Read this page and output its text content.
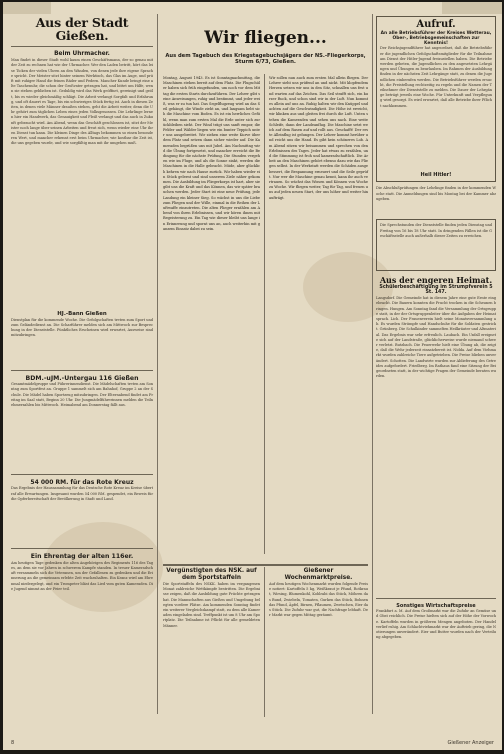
Aus der Stadt Gießen.
Beim Uhrmacher.
Man findet in dieser Stadt wohl kaum einen Geschäftsmann, der so genau mit der Zeit zu rechnen hat wie der Uhrmacher. Wer den Laden betritt, hört das leise Ticken der vielen Uhren an den Wänden, von denen jede ihre eigene Sprache spricht. Der Meister sitzt hinter seinem Werktisch, das Glas im Auge, und prüft mit ruhiger Hand die feinen Räder und Federn. Mancher Kunde bringt eine alte Taschenuhr, die schon der Großvater getragen hat, und bittet um Hilfe, wenn sie stehen geblieben ist. Geduldig wird das Werk geöffnet, gereinigt und geölt, bis es wieder gleichmäßig schlägt. Die Arbeit verlangt Sorgfalt und Erfahrung, und oft dauert es Tage, bis ein schwieriges Stück fertig ist. Auch in diesen Zeiten, in denen viele Männer draußen stehen, geht die Arbeit weiter, denn die Uhr gehört zum täglichen Leben eines jeden Volksgenossen. Die Lehrlinge lernen hier ein Handwerk, das Genauigkeit und Fleiß verlangt und das auch in Zukunft gebraucht wird. Am Abend, wenn das Geschäft geschlossen ist, sitzt der Meister noch lange über seinen Arbeiten und freut sich, wenn wieder eine Uhr ihren Dienst tun kann. Die kleinen Dinge des Alltags bekommen so einen besonderen Wert, und mancher erkennt erst beim Uhrmacher, wie kostbar die Zeit ist, die uns gegeben wurde, und wie sorgfältig man mit ihr umgehen muß.
HJ.-Bann Gießen
Dienstplan für die kommende Woche. Die Gefolgschaften treten zum Sport und zum Geländedienst an. Die Scharführer melden sich am Mittwoch zur Besprechung in der Dienststelle. Pünktliches Erscheinen wird erwartet, Ausweise sind mitzubringen.
BDM.-uJM.-Untergau 116 Gießen
Gesamtmädelgruppe und Führerinnendienst. Die Mädelschaften treten am Sonntag zum Sportfest an. Gruppe 1 sammelt sich am Bahnhof, Gruppe 2 an der Schule. Die Mädel haben Sportzeug mitzubringen. Der Elternabend findet am Freitag im Saal statt, Beginn 20 Uhr. Die Jungmädelführerinnen melden die Teilnehmerzahlen bis Mittwoch. Heimabend am Donnerstag fällt aus.
54 000 RM. für das Rote Kreuz
Das Ergebnis der Haussammlung für das Deutsche Rote Kreuz im Kreise übertraf alle Erwartungen. Insgesamt wurden 54 000 RM. gespendet, ein Beweis für die Opferbereitschaft der Bevölkerung in Stadt und Land.
Ein Ehrentag der alten 116er.
Am heutigen Tage gedenken die alten Angehörigen des Regiments 116 des Tages, an dem sie vor Jahren in schwerem Kampfe standen. In treuer Kameradschaft versammeln sich die Veteranen, um der Gefallenen zu gedenken und die Erinnerung an die gemeinsam erlebte Zeit wachzuhalten. Ein Kranz wird am Ehrenmal niedergelegt, und ein Trompeter bläst das Lied vom guten Kameraden. Die Jugend nimmt an der Feier teil.
Wir fliegen...
Aus dem Tagebuch des Kriegstagebuchsjägers der NS.-Fliegerkorps,
Sturm 6/73, Gießen.
Montag, August 1943. Es ist Sonntagnachmittag, die Maschinen stehen bereit auf dem Platz. Die Flugschüler haben sich früh eingefunden, um noch vor dem Mittag die ersten Starts durchzuführen. Der Lehrer gibt seine Anweisungen, ruhig und bestimmt, und jeder weiß, was er zu tun hat. Das Segelflugzeug wird an das Seil gehängt, die Winde zieht an, und langsam hebt sich die Maschine vom Boden. Es ist ein herrliches Gefühl, wenn man zum ersten Mal die Erde unter sich zurückbleiben sieht. Der Wind trägt uns sanft empor, die Felder und Wälder liegen wie ein bunter Teppich unter uns ausgebreitet. Wir ziehen eine weite Kurve über dem Platz und setzen dann sicher wieder auf. Die Kameraden begrüßen uns mit Jubel. Am Nachmittag wird die Übung fortgesetzt, und mancher erreicht die Bedingung für die nächste Prüfung. Die Stunden vergehen wie im Fluge, und als die Sonne sinkt, werden die Maschinen in die Halle gebracht. Müde, aber glücklich kehren wir nach Hause zurück. Wir haben wieder ein Stück gelernt und sind unserem Ziele näher gekommen. Die Ausbildung im Fliegerkorps ist hart, aber sie gibt uns die Kraft und das Können, das wir später brauchen werden. Jeder Start ist eine neue Prüfung, jede Landung ein kleiner Sieg. So wächst in uns die Liebe zum Fliegen und der Wille, einmal in die Reihen der Luftwaffe einzutreten. Die alten Flieger erzählen am Abend von ihren Erlebnissen, und wir hören ihnen mit Begeisterung zu. Ein Tag wie dieser bleibt uns lange in Erinnerung und spornt uns an, auch weiterhin mit ganzem Einsatz dabei zu sein.
Wir sollen nun auch zum ersten Mal allein fliegen. Der Lehrer sieht uns prüfend an und nickt. Mit klopfendem Herzen setzen wir uns in den Sitz, schnallen uns fest und warten auf das Zeichen. Das Seil strafft sich, ein kurzer Ruck, und schon sind wir in der Luft. Nun kommt es allein auf uns an. Ruhig halten wir den Knüppel und achten auf die Geschwindigkeit. Die Höhe ist erreicht, wir klinken aus und gleiten frei durch die Luft. Unten stehen die Kameraden und sehen uns nach. Eine weite Schleife, dann der Landeanflug. Die Maschine setzt weich auf dem Rasen auf und rollt aus. Geschafft! Der erste Alleinflug ist gelungen. Der Lehrer kommt herüber und reicht uns die Hand. Es gibt kein schöneres Lob. Am Abend sitzen wir beisammen und sprechen von den Erlebnissen des Tages. Jeder hat etwas zu erzählen, und die Stimmung ist froh und kameradschaftlich. Die Arbeit an den Maschinen gehört ebenso dazu wie das Fliegen selbst. In der Werkstatt werden die Schäden ausgebessert, die Bespannung erneuert und die Seile geprüft. Nur wer die Maschine genau kennt, kann ihr auch vertrauen. So wächst das Wissen und Können von Woche zu Woche. Wir fliegen weiter, Tag für Tag, und freuen uns auf jeden neuen Start, der uns höher und weiter hinaufträgt.
Vergünstigten des NSK. auf dem Sportstaffeln
Die Sportstaffeln des NSKK. haben im vergangenen Monat zahlreiche Wettkämpfe bestritten. Die Ergebnisse zeigen, daß die Ausbildung gute Früchte getragen hat. Die Mannschaften aus Gießen und Umgebung belegten vordere Plätze. Am kommenden Sonntag findet ein weiterer Vergleichskampf statt, zu dem alle Kameraden eingeladen sind. Treffpunkt ist um 8 Uhr am Sportplatz. Die Teilnahme ist Pflicht für alle gemeldeten Männer.
Gießener Wochenmarktpreise.
Auf dem heutigen Wochenmarkt wurden folgende Preise notiert: Kartoffeln 5 kg, Weißkraut je Pfund, Rotkraut, Wirsing, Blumenkohl, Kohlrabi das Stück, Möhren das Bund, Zwiebeln, Tomaten, Gurken das Stück, Bohnen das Pfund, Äpfel, Birnen, Pflaumen, Zwetschen, Eier das Stück. Die Zufuhr war gut, die Nachfrage lebhaft. Der Markt war gegen Mittag geräumt.
Aufruf.
An alle Betriebsführer der Kreises Wetterau, Ober-, Betriebsgemeinschaften zur Kenntnis!
Der Reichsjugendführer hat angeordnet, daß die Betriebsführer die jugendlichen Gefolgschaftsmitglieder für die Teilnahme am Dienst der Hitler-Jugend freizustellen haben. Die Betriebe werden gebeten, die Jugendlichen zu den angesetzten Lehrgängen und Übungen zu beurlauben. Im Rahmen der Ausbildung finden in der nächsten Zeit Lehrgänge statt, zu denen die Jugendlichen einberufen werden. Die Betriebsführer werden ersucht, die Freistellung rechtzeitig zu regeln und die Namen der Teilnehmer der Dienststelle zu melden. Die Dauer der Lehrgänge beträgt jeweils eine Woche. Für Unterkunft und Verpflegung wird gesorgt. Es wird erwartet, daß alle Betriebe ihrer Pflicht nachkommen.
Heil Hitler!
Die Abschlußprüfungen der Lehrlinge finden in der kommenden Woche statt. Die Anmeldungen sind bis Montag bei der Kammer abzugeben.
Die Sprechstunden der Dienststelle finden jeden Dienstag und Freitag von 16 bis 18 Uhr statt. In dringenden Fällen ist die Geschäftsstelle auch außerhalb dieser Zeiten zu erreichen.
Aus der engeren Heimat.
Schülerbeschäftigung im Strumpfverein 5 St. 147.
Langsdorf. Die Gemeinde hat in diesem Jahre eine gute Ernte eingebracht. Die Bauern konnten die Frucht trocken in die Scheunen bringen. Hungen. Am Sonntag fand die Versammlung der Ortsgruppe statt, in der der Ortsgruppenleiter über die Aufgaben der Heimat sprach. Lich. Der Frauenverein hielt seine Monatsversammlung ab. Es wurden Strümpfe und Handschuhe für die Soldaten gestrickt. Grünberg. Die Schulkinder sammelten Heilkräuter und Altmaterial. Das Ergebnis war sehr erfreulich. Laubach. Ein Unfall ereignete sich auf der Landstraße, glücklicherweise wurde niemand schwer verletzt. Butzbach. Die Feuerwehr hielt eine Übung ab, die zeigte, daß die Wehr jederzeit einsatzbereit ist. Nidda. Auf dem Viehmarkt wurden zahlreiche Tiere aufgetrieben. Die Preise blieben unverändert. Schotten. Die Landwirte wurden zur Ablieferung des Getreides aufgefordert. Friedberg. Im Rathaus fand eine Sitzung der Beigeordneten statt, in der wichtige Fragen der Gemeinde beraten wurden.
Sonstiges Wirtschaftspreise
Frankfurt a. M. Auf dem Großmarkt war die Zufuhr an Gemüse und Obst reichlich. Die Preise hielten sich auf der Höhe der Vorwoche. Kartoffeln wurden in größeren Mengen angeboten. Der Handel verlief ruhig. Am Schlachtviehmarkt war der Auftrieb gering, die Notierungen unverändert. Eier und Butter wurden nach der Verteilung abgegeben.
8	Gießener Anzeiger
